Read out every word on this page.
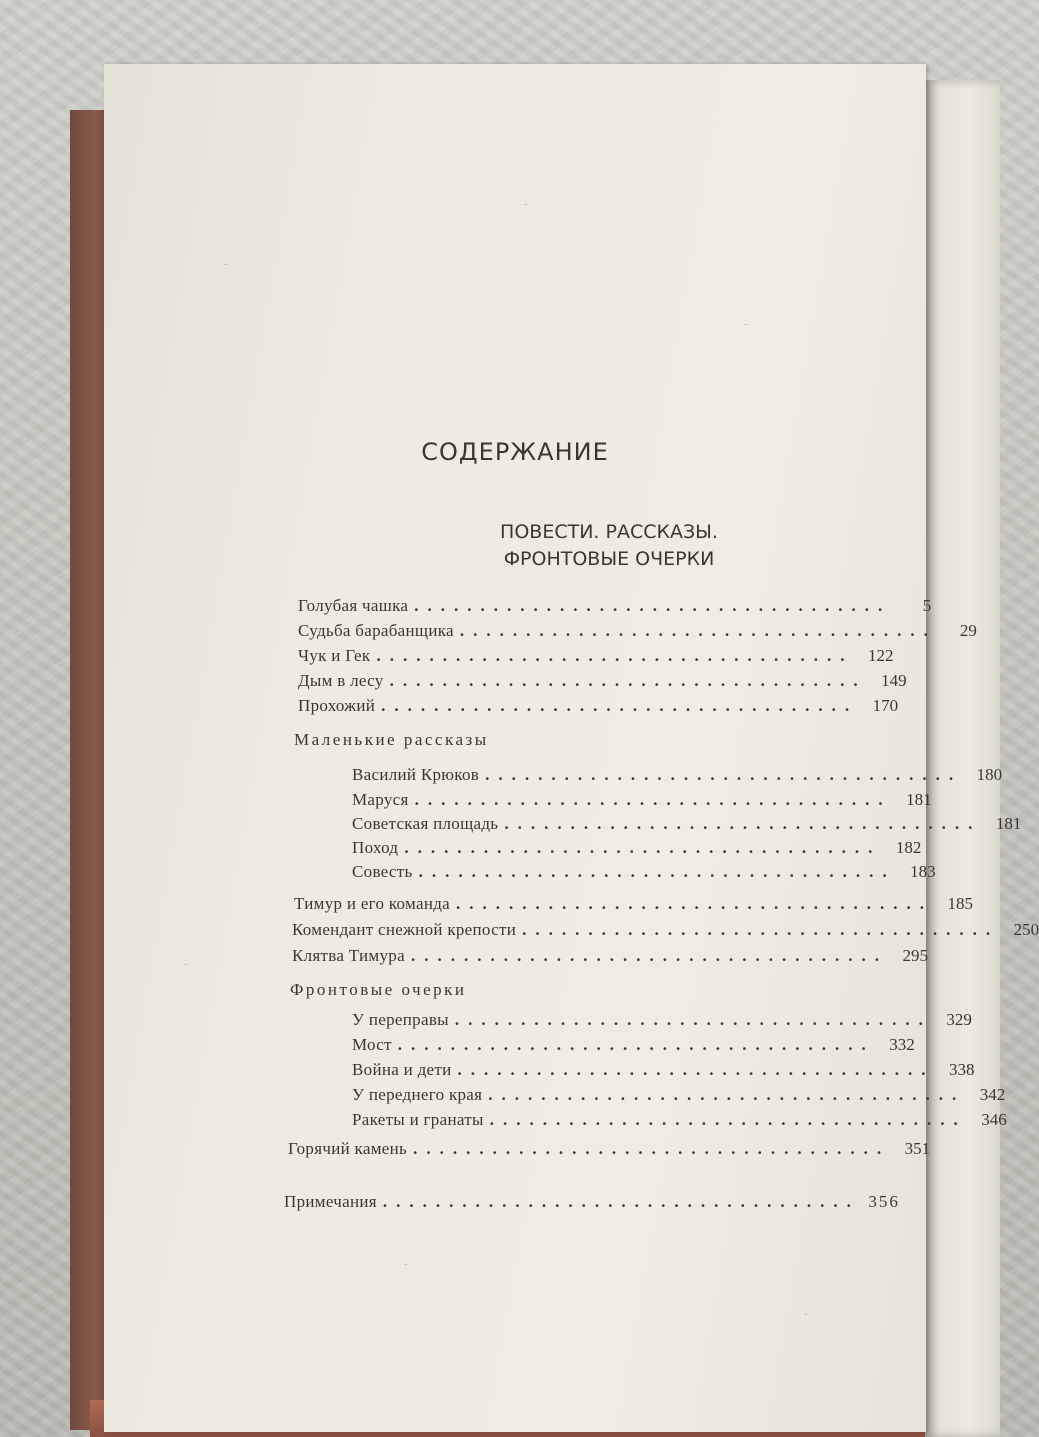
СОДЕРЖАНИЕ
ПОВЕСТИ. РАССКАЗЫ.
ФРОНТОВЫЕ ОЧЕРКИ
Голубая чашка ....................................	5
Судьба барабанщика ....................................	29
Чук и Гек .................................... 122
Дым в лесу .................................... 149
Прохожий .................................... 170
Маленькие рассказы
Василий Крюков .................................... 180
Маруся .................................... 181
Советская площадь .................................... 181
Поход .................................... 182
Совесть .................................... 183
Тимур и его команда .................................... 185
Комендант снежной крепости .................................... 250
Клятва Тимура .................................... 295
Фронтовые очерки
У переправы .................................... 329
Мост .................................... 332
Война и дети .................................... 338
У переднего края .................................... 342
Ракеты и гранаты .................................... 346
Горячий камень .................................... 351
Примечания .................................... 356
